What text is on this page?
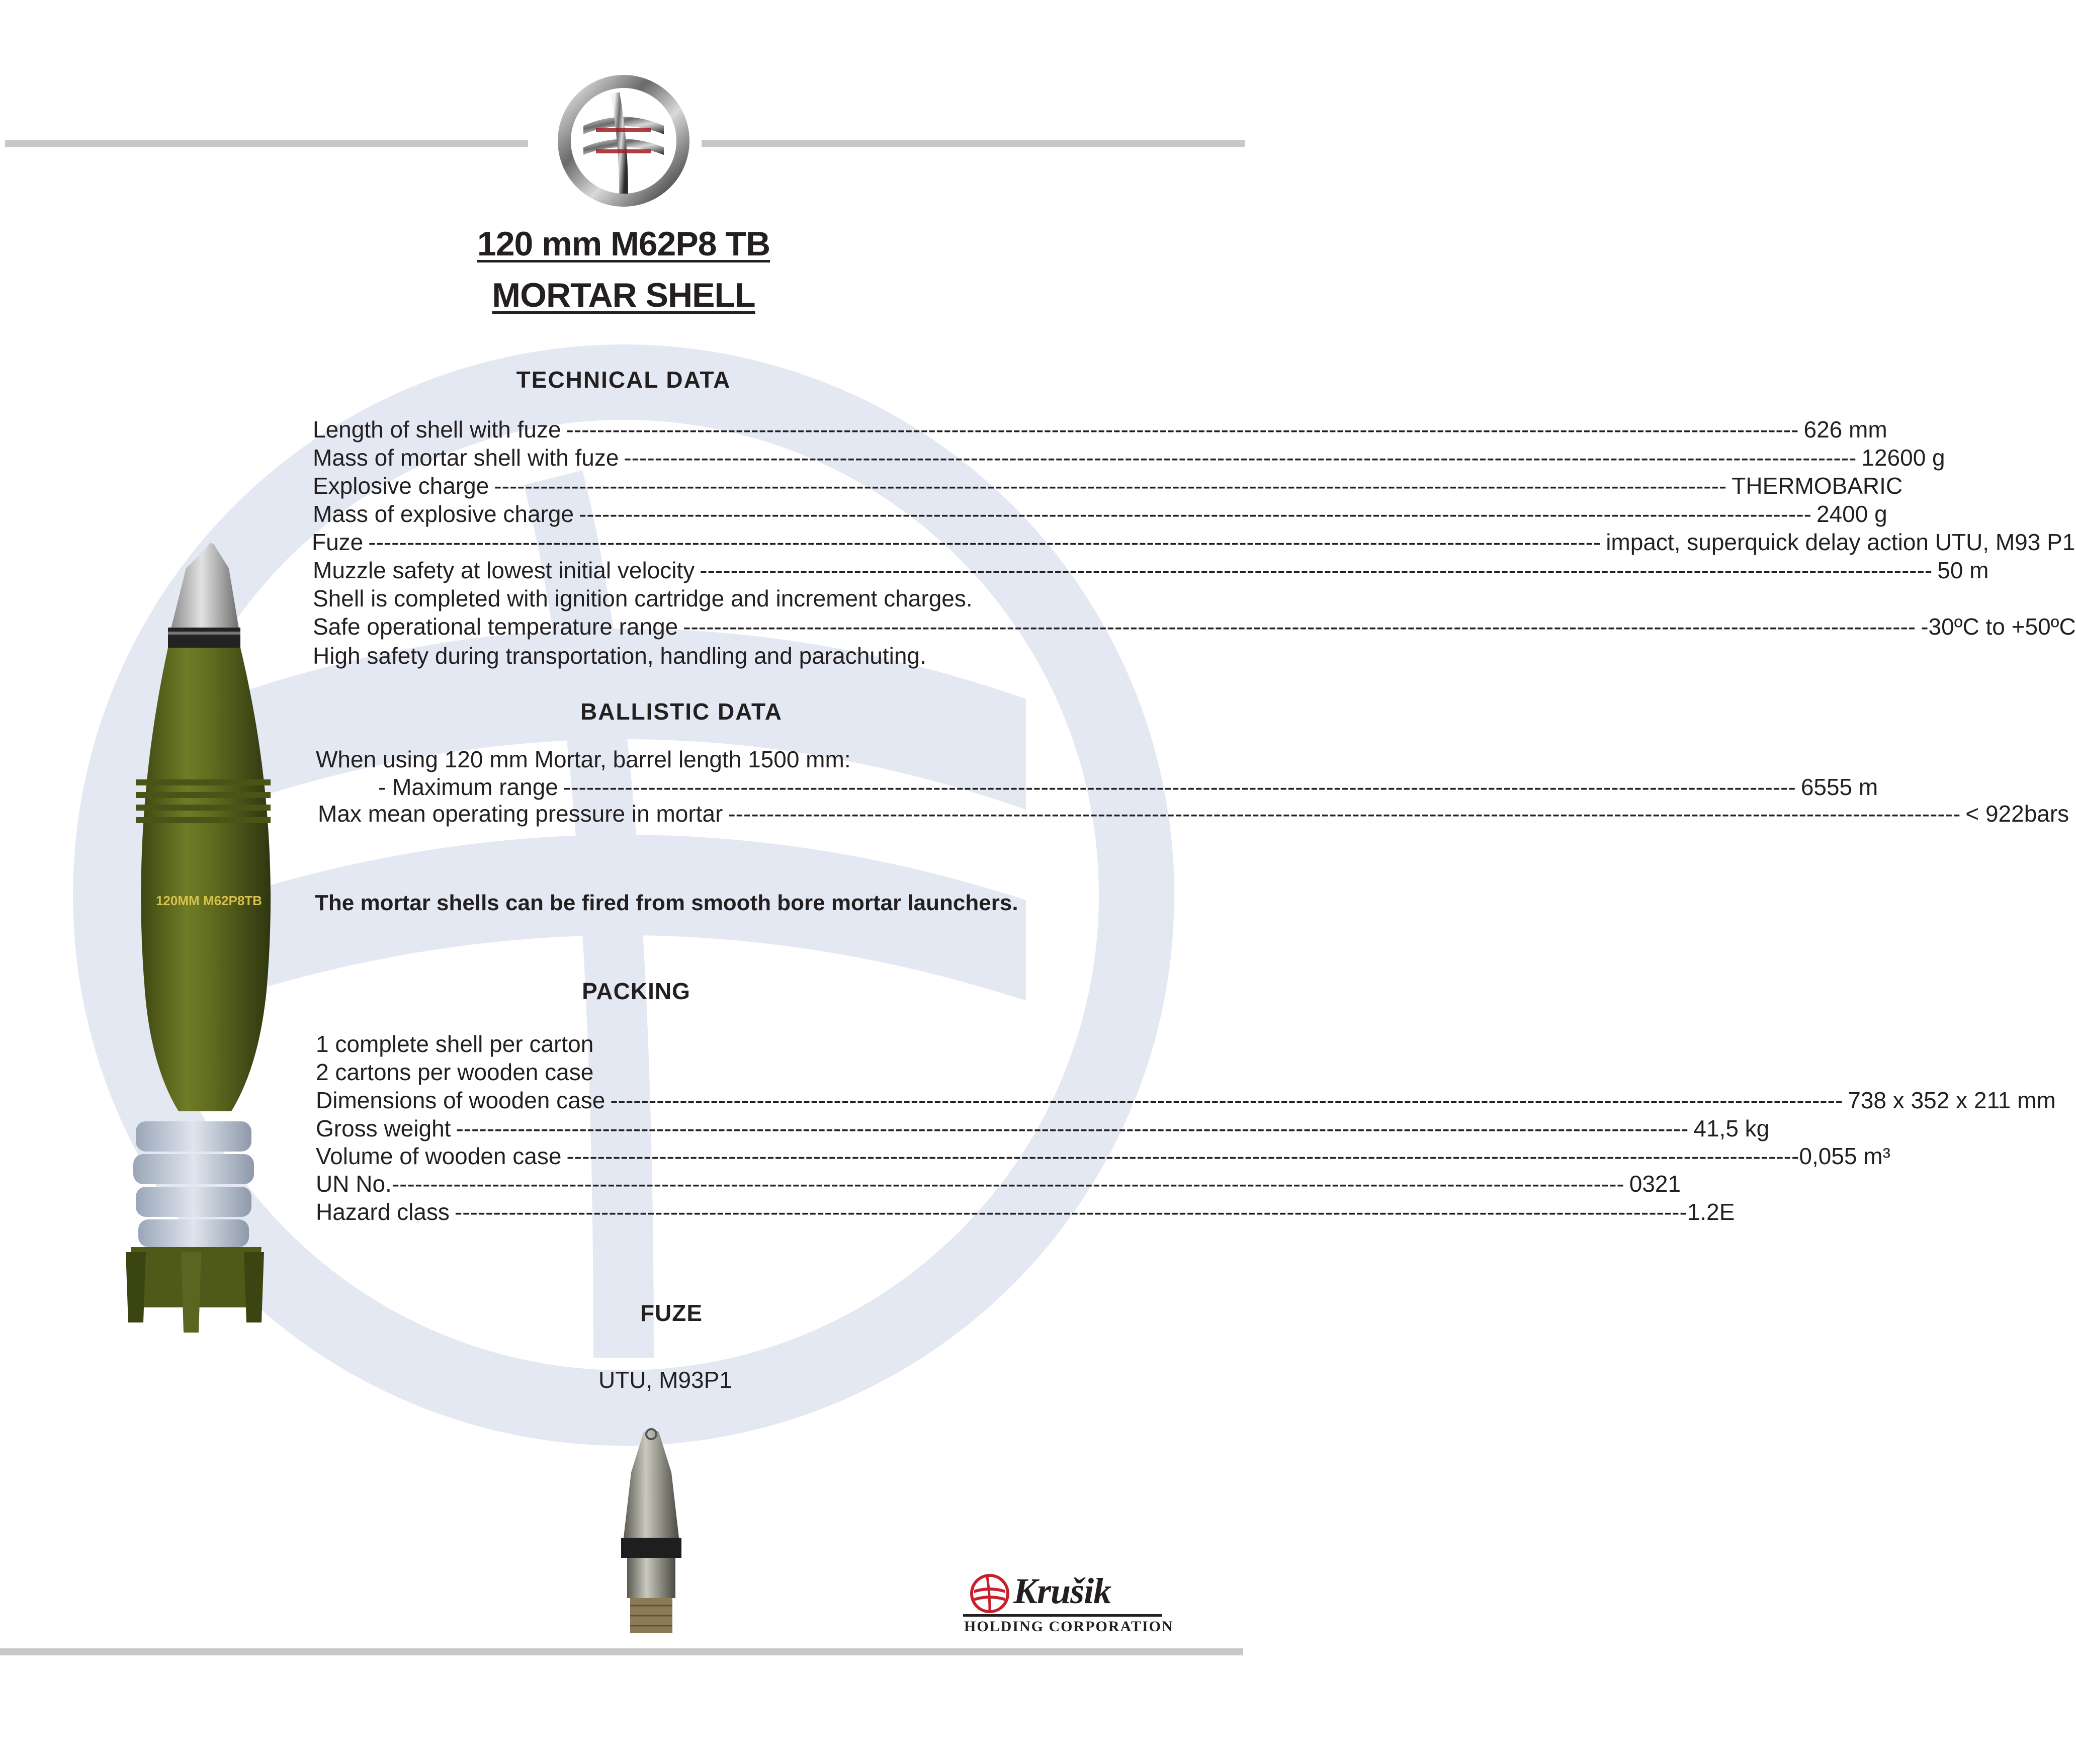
120 mm M62P8 TB
MORTAR SHELL
TECHNICAL DATA
Length of shell with fuze ---------------------------------------------------------------------------------------------------------------------------------------------------------------- 626 mm
Mass of mortar shell with fuze ---------------------------------------------------------------------------------------------------------------------------------------------------------------- 12600 g
Explosive charge ---------------------------------------------------------------------------------------------------------------------------------------------------------------- THERMOBARIC
Mass of explosive charge ---------------------------------------------------------------------------------------------------------------------------------------------------------------- 2400 g
Fuze ---------------------------------------------------------------------------------------------------------------------------------------------------------------- impact, superquick delay action UTU, M93 P1
Muzzle safety at lowest initial velocity ---------------------------------------------------------------------------------------------------------------------------------------------------------------- 50 m
Shell is completed with ignition cartridge and increment charges.
Safe operational temperature range ---------------------------------------------------------------------------------------------------------------------------------------------------------------- -30ºC to +50ºC
High safety during transportation, handling and parachuting.
BALLISTIC DATA
When using 120 mm Mortar, barrel length 1500 mm:
- Maximum range ---------------------------------------------------------------------------------------------------------------------------------------------------------------- 6555 m
Max mean operating pressure in mortar ---------------------------------------------------------------------------------------------------------------------------------------------------------------- < 922bars
The mortar shells can be fired from smooth bore mortar launchers.
PACKING
1 complete shell per carton
2 cartons per wooden case
Dimensions of wooden case ---------------------------------------------------------------------------------------------------------------------------------------------------------------- 738 x 352 x 211 mm
Gross weight ---------------------------------------------------------------------------------------------------------------------------------------------------------------- 41,5 kg
Volume of wooden case ---------------------------------------------------------------------------------------------------------------------------------------------------------------- 0,055 m³
UN No. ---------------------------------------------------------------------------------------------------------------------------------------------------------------- 0321
Hazard class ---------------------------------------------------------------------------------------------------------------------------------------------------------------- 1.2E
FUZE
UTU, M93P1
120MM M62P8TB
Krušik
HOLDING CORPORATION
